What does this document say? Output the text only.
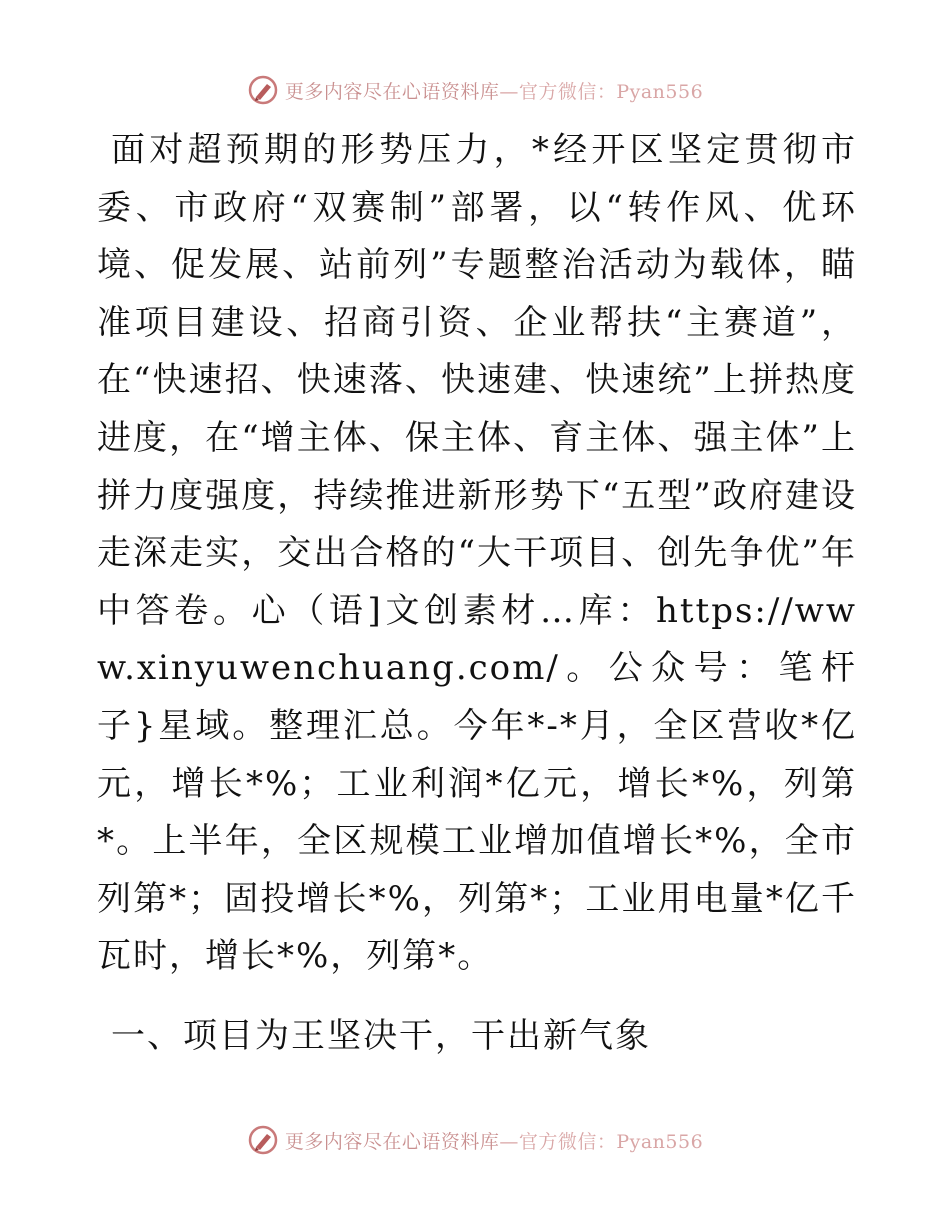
更多内容尽在心语资料库—官方微信：Pyan556

面对超预期的形势压力，*经开区坚定贯彻市委、市政府“双赛制”部署，以“转作风、优环境、促发展、站前列”专题整治活动为载体，瞄准项目建设、招商引资、企业帮扶“主赛道”，在“快速招、快速落、快速建、快速统”上拼热度进度，在“增主体、保主体、育主体、强主体”上拼力度强度，持续推进新形势下“五型”政府建设走深走实，交出合格的“大干项目、创先争优”年中答卷。心（语]文创素材…库：https://www.xinyuwenchuang.com/。公众号：笔杆子}星域。整理汇总。今年*-*月，全区营收*亿元，增长*%；工业利润*亿元，增长*%，列第*。上半年，全区规模工业增加值增长*%，全市列第*；固投增长*%，列第*；工业用电量*亿千瓦时，增长*%，列第*。

一、项目为王坚决干，干出新气象

更多内容尽在心语资料库—官方微信：Pyan556
